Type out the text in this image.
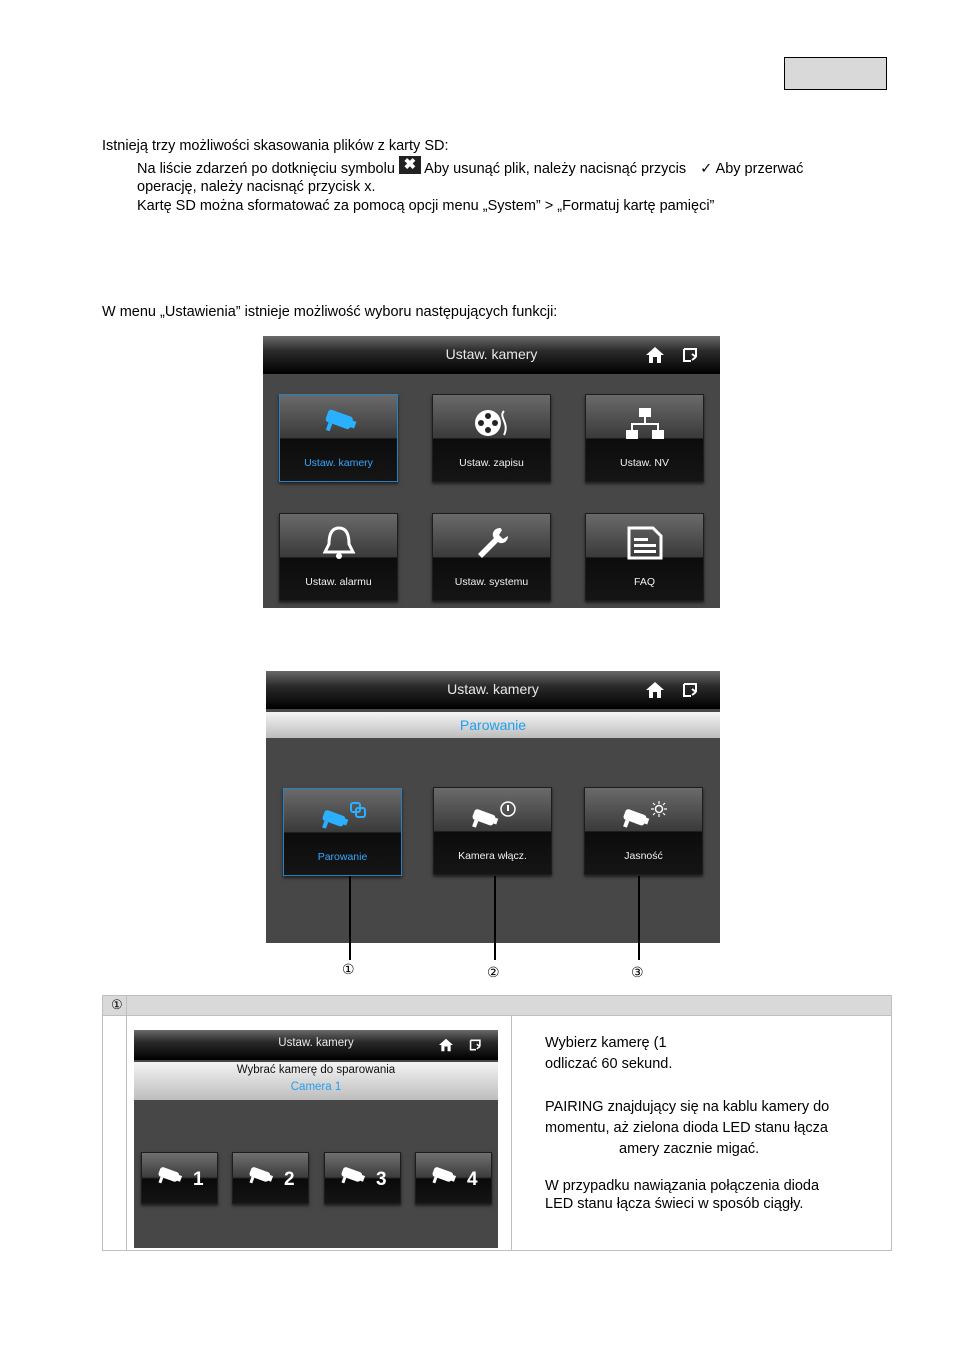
Istnieją trzy możliwości skasowania plików z karty SD:
Na liście zdarzeń po dotknięciu symbolu ✖ Aby usunąć plik, należy nacisnąć przycis ✓ Aby przerwać
operację, należy nacisnąć przycisk x.
Kartę SD można sformatować za pomocą opcji menu „System” > „Formatuj kartę pamięci”
W menu „Ustawienia” istnieje możliwość wyboru następujących funkcji:
Ustaw. kamery
Ustaw. kamery	Ustaw. zapisu	Ustaw. NV
Ustaw. alarmu	Ustaw. systemu	FAQ
Ustaw. kamery
Parowanie
Parowanie	Kamera włącz.	Jasność
①	②	③
①
Ustaw. kamery
Wybrać kamerę do sparowania
Camera 1
1	2	3	4
Wybierz kamerę (1
odliczać 60 sekund.
PAIRING znajdujący się na kablu kamery do
momentu, aż zielona dioda LED stanu łącza
amery zacznie migać.
W przypadku nawiązania połączenia dioda
LED stanu łącza świeci w sposób ciągły.
